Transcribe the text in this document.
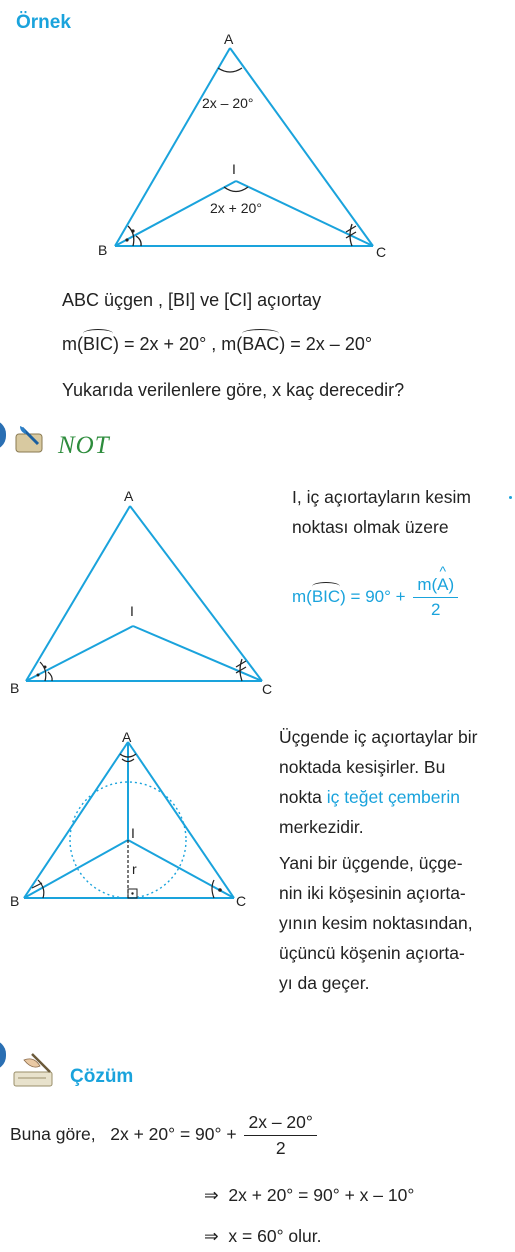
Örnek
A
B	C
I
2x – 20°
2x + 20°
ABC üçgen , [BI] ve [CI] açıortay
m(BIC) = 2x + 20° , m(BAC) = 2x – 20°
Yukarıda verilenlere göre, x kaç derecedir?
NOT
A
B	C
I
I, iç açıortayların kesim
noktası olmak üzere
$m(BIC) = 90^\circ + \frac{m(\^{} A)}{2}$
A
B	C
I
r
Üçgende iç açıortaylar bir
noktada kesişirler. Bu
nokta iç teğet çemberin
merkezidir.
Yani bir üçgende, üçge-
nin iki köşesinin açıorta-
yının kesim noktasından,
üçüncü köşenin açıorta-
yı da geçer.
Çözüm
Buna göre, $2x + 20^\circ = 90^\circ + \frac{2x - 20^\circ}{2}$
⇒ 2x + 20° = 90° + x – 10°
⇒ x = 60° olur.
